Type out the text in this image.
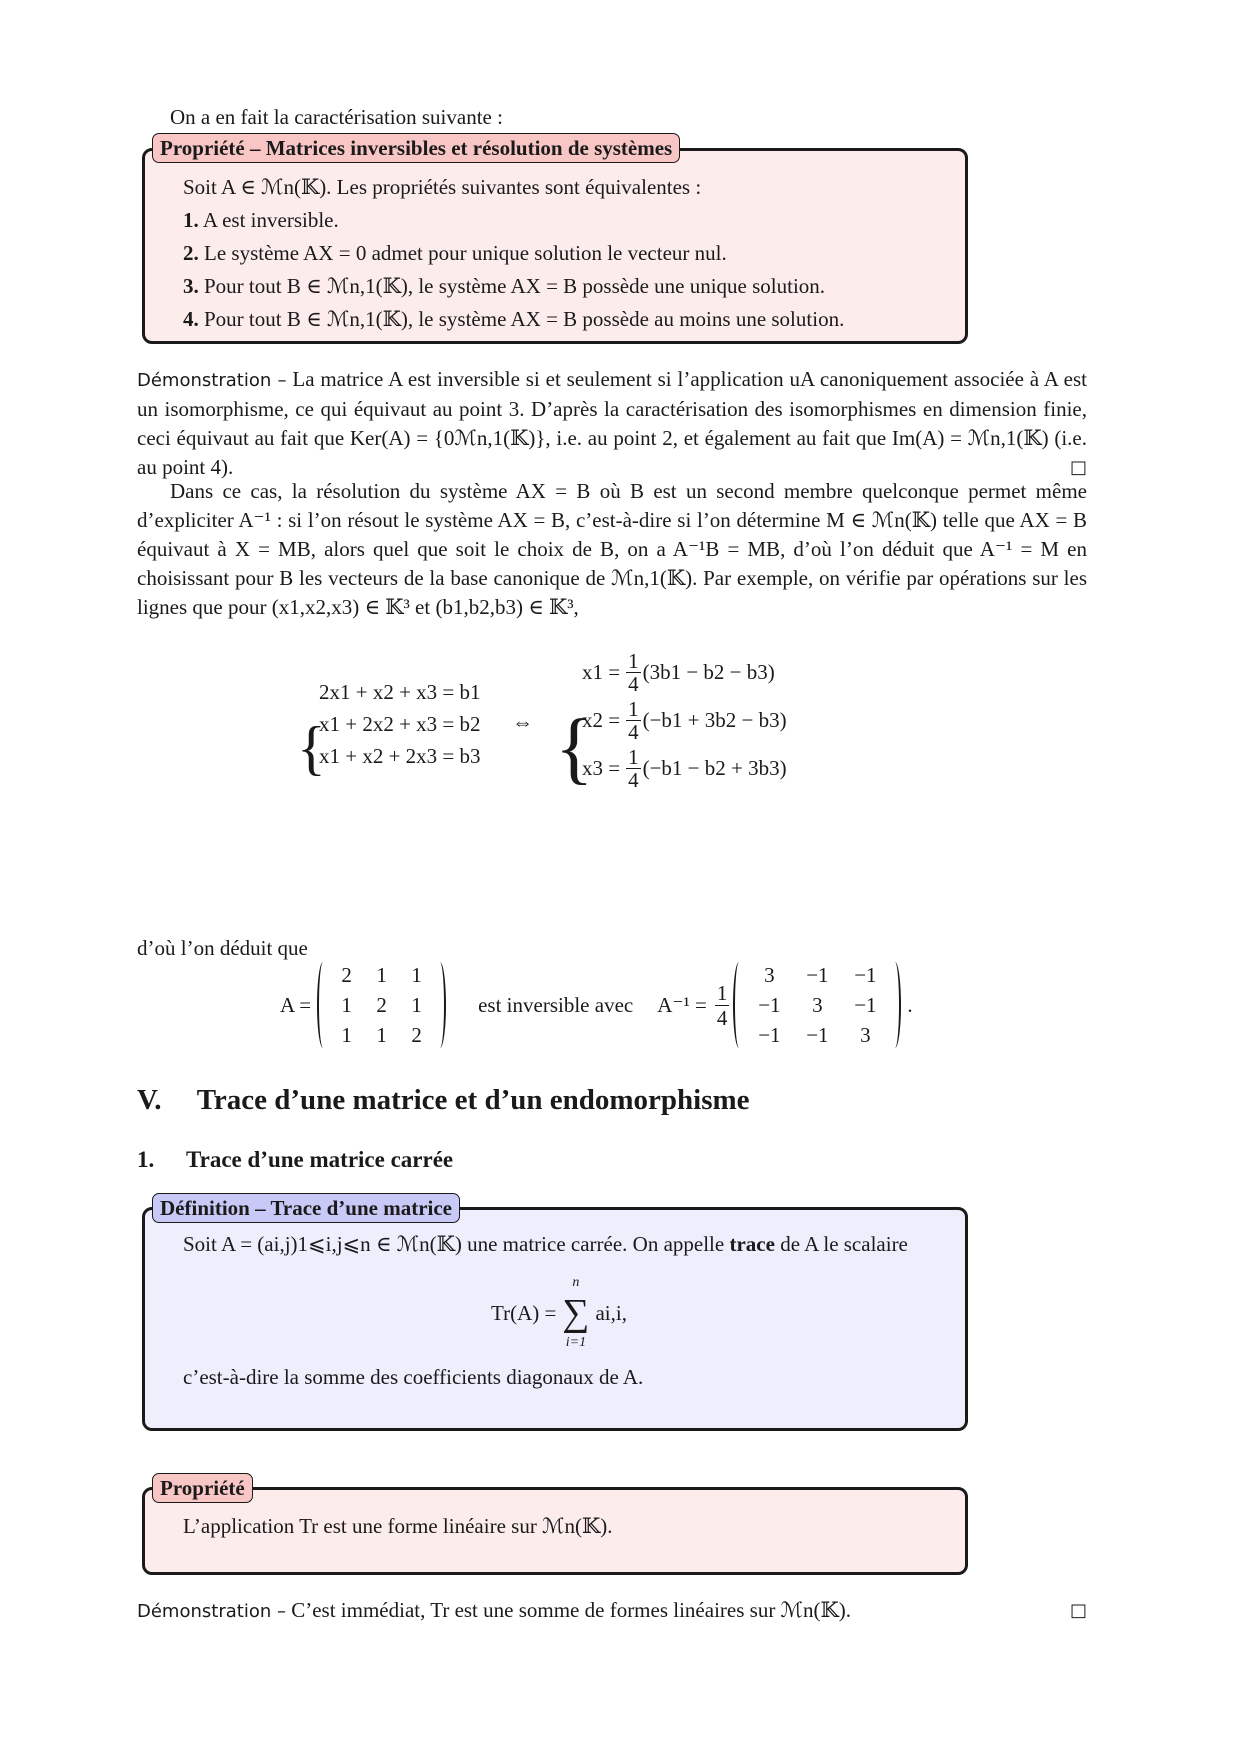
On a en fait la caractérisation suivante :

Soit A ∈ ℳn(𝕂). Les propriétés suivantes sont équivalentes :
1. A est inversible.
2. Le système AX = 0 admet pour unique solution le vecteur nul.
3. Pour tout B ∈ ℳn,1(𝕂), le système AX = B possède une unique solution.
4. Pour tout B ∈ ℳn,1(𝕂), le système AX = B possède au moins une solution.
Propriété – Matrices inversibles et résolution de systèmes

Démonstration – La matrice A est inversible si et seulement si l’application uA canoniquement associée à A est un isomorphisme, ce qui équivaut au point 3. D’après la caractérisation des isomorphismes en dimension finie, ceci équivaut au fait que Ker(A) = {0ℳn,1(𝕂)}, i.e. au point 2, et également au fait que Im(A) = ℳn,1(𝕂) (i.e. au point 4).	□

Dans ce cas, la résolution du système AX = B où B est un second membre quelconque permet même d’expliciter A⁻¹ : si l’on résout le système AX = B, c’est-à-dire si l’on détermine M ∈ ℳn(𝕂) telle que AX = B équivaut à X = MB, alors quel que soit le choix de B, on a A⁻¹B = MB, d’où l’on déduit que A⁻¹ = M en choisissant pour B les vecteurs de la base canonique de ℳn,1(𝕂). Par exemple, on vérifie par opérations sur les lignes que pour (x1,x2,x3) ∈ 𝕂³ et (b1,b2,b3) ∈ 𝕂³,

{
2x1 + x2 + x3 = b1
x1 + 2x2 + x3 = b2
x1 + x2 + 2x3 = b3
⇔ {
$x1 = \frac{1}{4} (3b1 - b2 - b3)$
$x2 = \frac{1}{4} (-b1 + 3b2 - b3)$
$x3 = \frac{1}{4} (-b1 - b2 + 3b3)$

d’où l’on déduit que

A =
2	1	1
1	2	1
1	1	2
est inversible avec $A^{-1} = \frac{1}{4}$
3	−1	−1
−1	3	−1
−1	−1	3
.
V. Trace d’une matrice et d’un endomorphisme
1. Trace d’une matrice carrée
Soit A = (ai,j)1⩽i,j⩽n ∈ ℳn(𝕂) une matrice carrée. On appelle trace de A le scalaire
Tr(A) =
n
∑
i=1
ai,i,
c’est-à-dire la somme des coefficients diagonaux de A.
Définition – Trace d’une matrice
L’application Tr est une forme linéaire sur ℳn(𝕂).
Propriété
Démonstration – C’est immédiat, Tr est une somme de formes linéaires sur ℳn(𝕂).	□
